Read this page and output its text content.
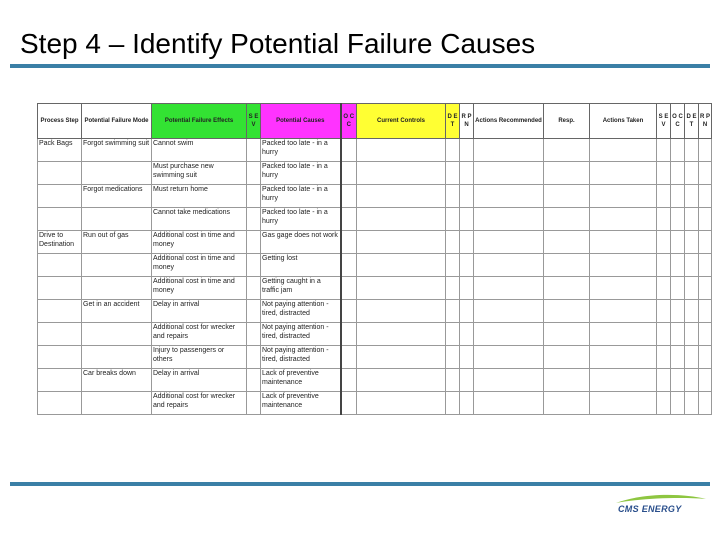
Step 4 – Identify Potential Failure Causes
Process Step	Potential Failure Mode	Potential Failure Effects	S E V	Potential Causes	O C C	Current Controls	D E T	R P N	Actions Recommended	Resp.	Actions Taken	S E V	O C C	D E T	R P N
Pack Bags	Forgot swimming suit	Cannot swim		Packed too late - in a hurry											
		Must purchase new swimming suit		Packed too late - in a hurry											
	Forgot medications	Must return home		Packed too late - in a hurry											
		Cannot take medications		Packed too late - in a hurry											
Drive to Destination	Run out of gas	Additional cost in time and money		Gas gage does not work											
		Additional cost in time and money		Getting lost											
		Additional cost in time and money		Getting caught in a traffic jam											
	Get in an accident	Delay in arrival		Not paying attention - tired, distracted											
		Additional cost for wrecker and repairs		Not paying attention - tired, distracted											
		Injury to passengers or others		Not paying attention - tired, distracted											
	Car breaks down	Delay in arrival		Lack of preventive maintenance											
		Additional cost for wrecker and repairs		Lack of preventive maintenance											
CMS ENERGY
